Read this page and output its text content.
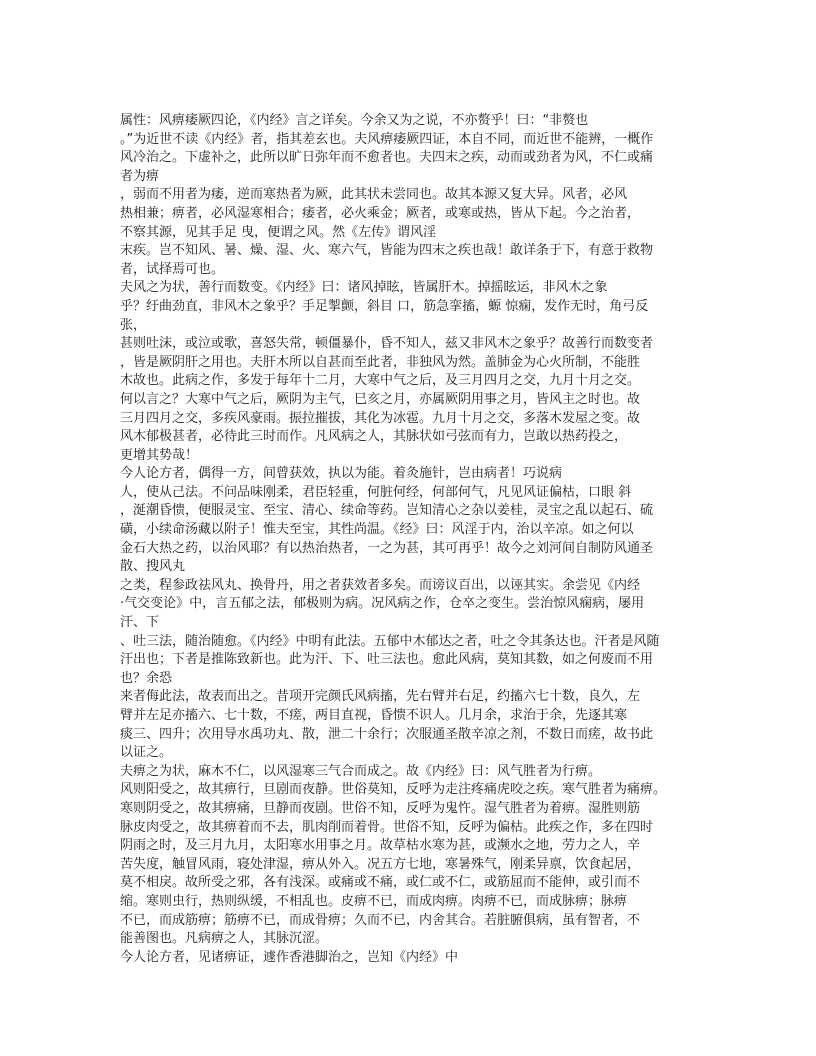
属性：风痹痿厥四论，《内经》言之详矣。今余又为之说，不亦赘乎！曰：“非赘也
。”为近世不读《内经》者，指其差玄也。夫风痹痿厥四证，本自不同，而近世不能辨，一概作
风冷治之。下虚补之，此所以旷日弥年而不愈者也。夫四末之疾，动而或劲者为风，不仁或痛
者为痹
，弱而不用者为痿，逆而寒热者为厥，此其状未尝同也。故其本源又复大异。风者，必风
热相兼；痹者，必风湿寒相合；痿者，必火乘金；厥者，或寒或热，皆从下起。今之治者，
不察其源，见其手足 曳，便谓之风。然《左传》谓风淫
末疾。岂不知风、暑、燥、湿、火、寒六气，皆能为四末之疾也哉！敢详条于下，有意于救物
者，试择焉可也。
夫风之为状，善行而数变。《内经》曰：诸风掉眩，皆属肝木。掉摇眩运，非风木之象
乎？纡曲劲直，非风木之象乎？手足掣颤，斜目 口，筋急挛搐，螈 惊痫，发作无时，角弓反
张，
甚则吐沫，或泣或歌，喜怒失常，顿僵暴仆，昏不知人，兹又非风木之象乎？故善行而数变者
，皆是厥阴肝之用也。夫肝木所以自甚而至此者，非独风为然。盖肺金为心火所制，不能胜
木故也。此病之作，多发于每年十二月，大寒中气之后，及三月四月之交，九月十月之交。
何以言之？大寒中气之后，厥阴为主气，巳亥之月，亦属厥阴用事之月，皆风主之时也。故
三月四月之交，多疾风豪雨。振拉摧拔，其化为冰雹。九月十月之交，多落木发屋之变。故
风木郁极甚者，必待此三时而作。凡风病之人，其脉状如弓弦而有力，岂敢以热药投之，
更增其势哉！
今人论方者，偶得一方，间曾获效，执以为能。着灸施针，岂由病者！巧说病
人，使从己法。不问品味刚柔，君臣轻重，何脏何经，何部何气，凡见风证偏枯，口眼 斜
，涎潮昏愦，便服灵宝、至宝、清心、续命等药。岂知清心之杂以姜桂，灵宝之乱以起石、硫
磺，小续命汤藏以附子！惟夫至宝，其性尚温。《经》曰：风淫于内，治以辛凉。如之何以
金石大热之药，以治风耶？有以热治热者，一之为甚，其可再乎！故今之刘河间自制防风通圣
散、搜风丸
之类，程参政祛风丸、换骨丹，用之者获效者多矣。而谤议百出，以诬其实。余尝见《内经
·气交变论》中，言五郁之法，郁极则为病。况风病之作，仓卒之变生。尝治惊风痫病，屡用
汗、下
、吐三法，随治随愈。《内经》中明有此法。五郁中木郁达之者，吐之令其条达也。汗者是风随
汗出也；下者是推陈致新也。此为汗、下、吐三法也。愈此风病，莫知其数，如之何废而不用
也？余恐
来者侮此法，故表而出之。昔项开完颜氏风病搐，先右臂并右足，约搐六七十数，良久，左
臂并左足亦搐六、七十数，不瘥，两目直视，昏愦不识人。几月余，求治于余，先逐其寒
痰三、四升；次用导水禹功丸、散，泄二十余行；次服通圣散辛凉之剂，不数日而瘥，故书此
以证之。
夫痹之为状，麻木不仁，以风湿寒三气合而成之。故《内经》曰：风气胜者为行痹。
风则阳受之，故其痹行，旦剧而夜静。世俗莫知，反呼为走注疼痛虎咬之疾。寒气胜者为痛痹。
寒则阴受之，故其痹痛，旦静而夜剧。世俗不知，反呼为鬼忤。湿气胜者为着痹。湿胜则筋
脉皮肉受之，故其痹着而不去，肌肉削而着骨。世俗不知，反呼为偏枯。此疾之作，多在四时
阴雨之时，及三月九月，太阳寒水用事之月。故草枯水寒为甚，或濒水之地，劳力之人，辛
苦失度，触冒风雨，寝处津湿，痹从外入。况五方七地，寒暑殊气，刚柔异禀，饮食起居，
莫不相戾。故所受之邪，各有浅深。或痛或不痛，或仁或不仁，或筋屈而不能伸，或引而不
缩。寒则虫行，热则纵缓，不相乱也。皮痹不已，而成肉痹。肉痹不已，而成脉痹；脉痹
不已，而成筋痹；筋痹不已，而成骨痹；久而不已，内舍其合。若脏腑俱病，虽有智者，不
能善图也。凡病痹之人，其脉沉涩。
今人论方者，见诸痹证，遽作香港脚治之，岂知《内经》中
